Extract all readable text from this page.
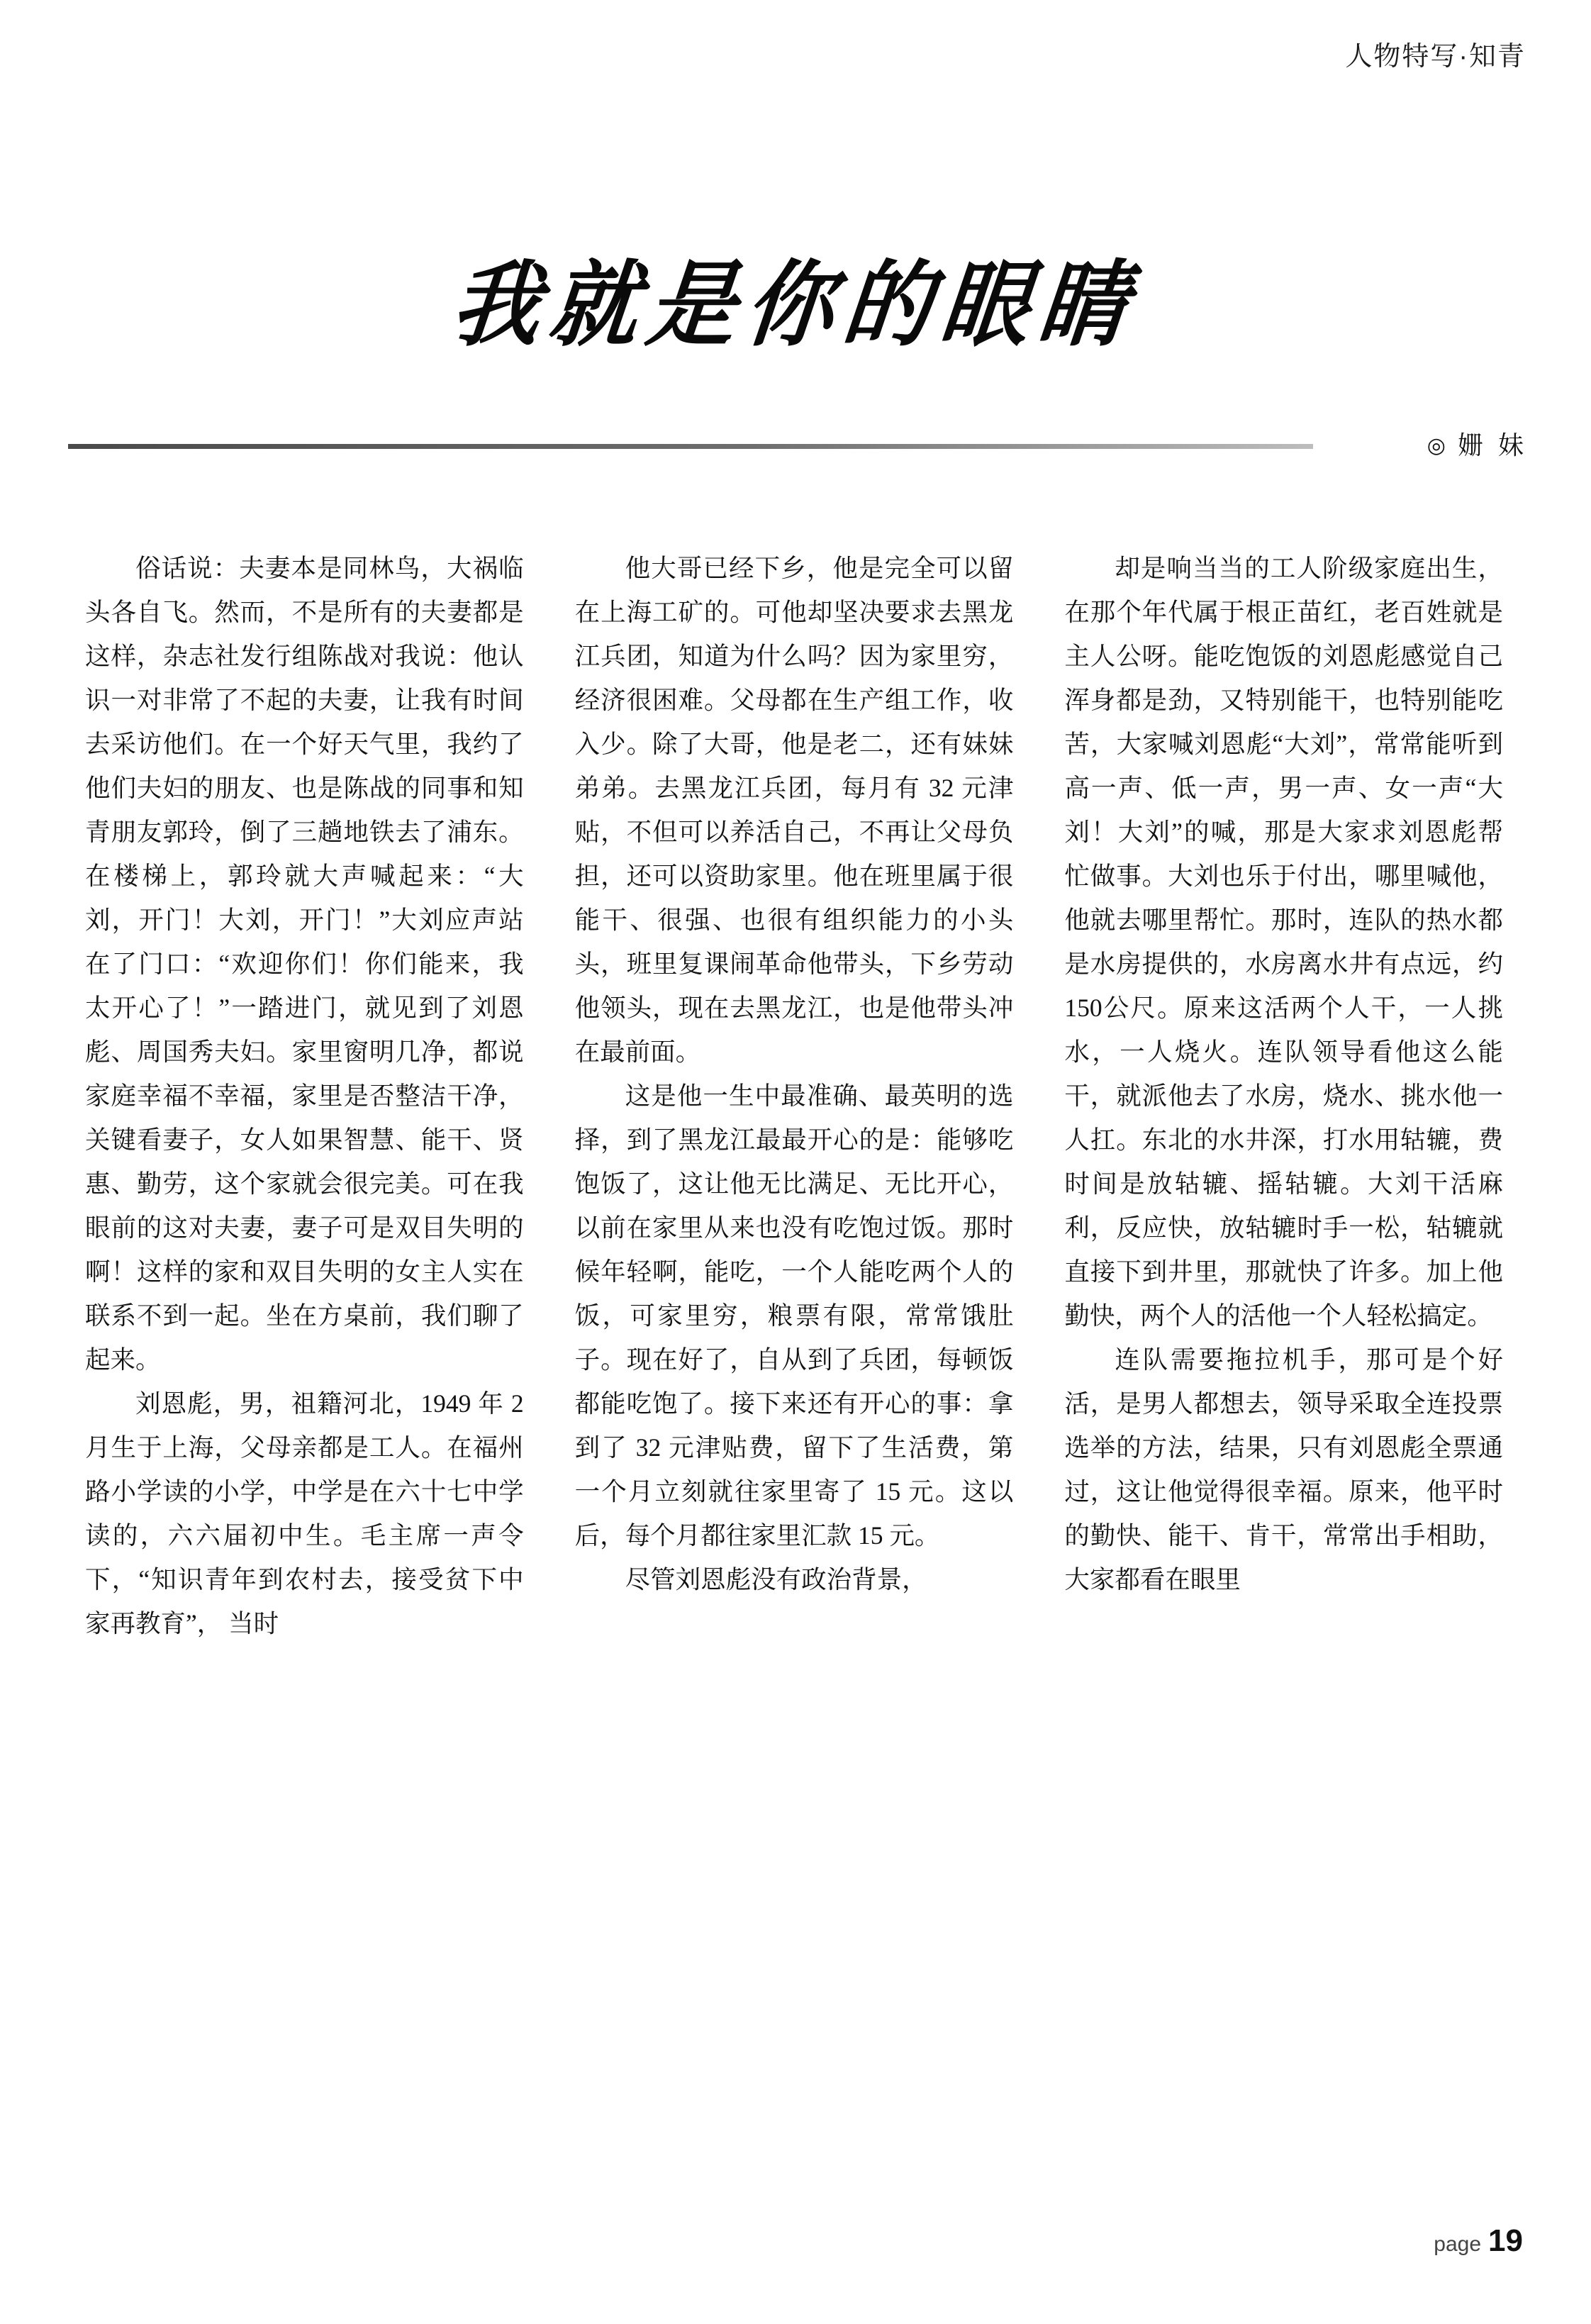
人物特写·知青
我就是你的眼睛
◎ 姗 妹

俗话说：夫妻本是同林鸟，大祸临头各自飞。然而，不是所有的夫妻都是这样，杂志社发行组陈战对我说：他认识一对非常了不起的夫妻，让我有时间去采访他们。在一个好天气里，我约了他们夫妇的朋友、也是陈战的同事和知青朋友郭玲，倒了三趟地铁去了浦东。在楼梯上，郭玲就大声喊起来：“大刘，开门！大刘，开门！”大刘应声站在了门口：“欢迎你们！你们能来，我太开心了！”一踏进门，就见到了刘恩彪、周国秀夫妇。家里窗明几净，都说家庭幸福不幸福，家里是否整洁干净，关键看妻子，女人如果智慧、能干、贤惠、勤劳，这个家就会很完美。可在我眼前的这对夫妻，妻子可是双目失明的啊！这样的家和双目失明的女主人实在联系不到一起。坐在方桌前，我们聊了起来。

刘恩彪，男，祖籍河北，1949 年 2 月生于上海，父母亲都是工人。在福州路小学读的小学，中学是在六十七中学读的，六六届初中生。毛主席一声令下，“知识青年到农村去，接受贫下中家再教育”， 当时

他大哥已经下乡，他是完全可以留在上海工矿的。可他却坚决要求去黑龙江兵团，知道为什么吗？因为家里穷，经济很困难。父母都在生产组工作，收入少。除了大哥，他是老二，还有妹妹弟弟。去黑龙江兵团，每月有 32 元津贴，不但可以养活自己，不再让父母负担，还可以资助家里。他在班里属于很能干、很强、也很有组织能力的小头头，班里复课闹革命他带头，下乡劳动他领头，现在去黑龙江，也是他带头冲在最前面。

这是他一生中最准确、最英明的选择，到了黑龙江最最开心的是：能够吃饱饭了，这让他无比满足、无比开心，以前在家里从来也没有吃饱过饭。那时候年轻啊，能吃，一个人能吃两个人的饭，可家里穷，粮票有限，常常饿肚子。现在好了，自从到了兵团，每顿饭都能吃饱了。接下来还有开心的事：拿到了 32 元津贴费，留下了生活费，第一个月立刻就往家里寄了 15 元。这以后，每个月都往家里汇款 15 元。

尽管刘恩彪没有政治背景，

却是响当当的工人阶级家庭出生，在那个年代属于根正苗红，老百姓就是主人公呀。能吃饱饭的刘恩彪感觉自己浑身都是劲，又特别能干，也特别能吃苦，大家喊刘恩彪“大刘”，常常能听到高一声、低一声，男一声、女一声“大刘！大刘”的喊，那是大家求刘恩彪帮忙做事。大刘也乐于付出，哪里喊他，他就去哪里帮忙。那时，连队的热水都是水房提供的，水房离水井有点远，约150公尺。原来这活两个人干，一人挑水，一人烧火。连队领导看他这么能干，就派他去了水房，烧水、挑水他一人扛。东北的水井深，打水用轱辘，费时间是放轱辘、摇轱辘。大刘干活麻利，反应快，放轱辘时手一松，轱辘就直接下到井里，那就快了许多。加上他勤快，两个人的活他一个人轻松搞定。

连队需要拖拉机手，那可是个好活，是男人都想去，领导采取全连投票选举的方法，结果，只有刘恩彪全票通过，这让他觉得很幸福。原来，他平时的勤快、能干、肯干，常常出手相助，大家都看在眼里

page 19
